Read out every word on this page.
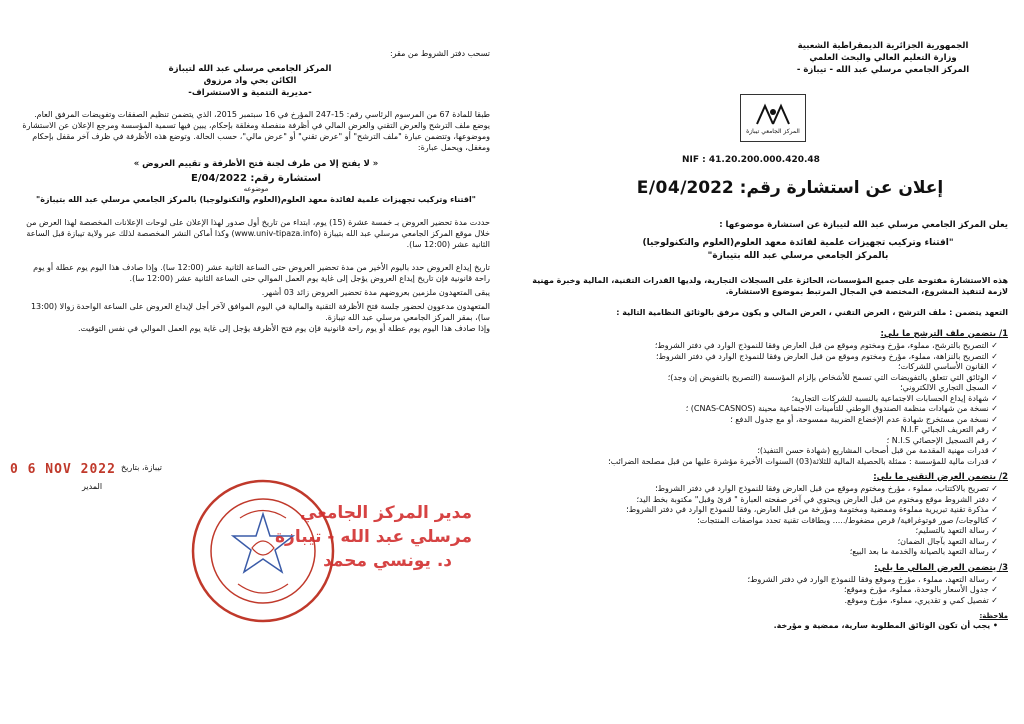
تسحب دفتر الشروط من مقر:

المركز الجامعي مرسلي عبد الله لتيبازة

الكائن بحي واد مرزوق

-مديرية التنمية و الاستشراف-

طبقا للمادة 67 من المرسوم الرئاسي رقم: 15-247 المؤرخ في 16 سبتمبر 2015، الذي يتضمن تنظيم الصفقات وتفويضات المرفق العام. يوضع ملف الترشح والعرض التقني والعرض المالي في أظرفة منفصلة ومغلقة بإحكام، يبين فيها تسمية المؤسسة ومرجع الإعلان عن الاستشارة وموضوعها، وتتضمن عبارة "ملف الترشح" أو "عرض تقني" أو "عرض مالي"، حسب الحالة. وتوضع هذه الأظرفة في ظرف آخر مقفل بإحكام ومغفل، ويحمل عبارة:

« لا يفتح إلا من طرف لجنة فتح الأظرفة و تقييم العروض »

استشارة رقم: 2022/E/04

موضوعه

"اقتناء وتركيب تجهيزات علمية لفائدة معهد العلوم(العلوم والتكنولوجيا) بالمركز الجامعي مرسلي عبد الله بتيبازة"

حددت مدة تحضير العروض بـ خمسة عشرة (15) يوم، ابتداء من تاريخ أول صدور لهذا الإعلان على لوحات الإعلانات المخصصة لهذا العرض من خلال موقع المركز الجامعي مرسلي عبد الله بتيبازة (www.univ-tipaza.info) وكذا أماكن النشر المخصصة لذلك عبر ولاية تيبازة قبل الساعة الثانية عشر (12:00 سا).

تاريخ إيداع العروض حدد باليوم الأخير من مدة تحضير العروض حتى الساعة الثانية عشر (12:00 سا). وإذا صادف هذا اليوم يوم عطلة أو يوم راحة قانونية فإن تاريخ إيداع العروض يؤجل إلى غاية يوم العمل الموالي حتى الساعة الثانية عشر (12:00 سا).

يبقى المتعهدون ملزمين بعروضهم مدة تحضير العروض زائد 03 أشهر.

المتعهدون مدعوون لحضور جلسة فتح الأظرفة التقنية والمالية في اليوم الموافق لآخر أجل لإيداع العروض على الساعة الواحدة زوالا (13:00 سا)، بمقر المركز الجامعي مرسلي عبد الله تيبازة.

وإذا صادف هذا اليوم يوم عطلة أو يوم راحة قانونية فإن يوم فتح الأظرفة يؤجل إلى غاية يوم العمل الموالي في نفس التوقيت.

تيبازة، بتاريخ

المدير

0 6 NOV 2022

مدير المركز الجامعي

مرسلي عبد الله - تيبازة

د. يونسي محمد

الجمهورية الجزائرية الديمقراطية الشعبية

وزارة التعليم العالي والبحث العلمي

المركز الجامعي مرسلي عبد الله - تيبازة -

المركز الجامعي تيبازة
NIF : 41.20.200.000.420.48
إعلان عن استشارة رقم: 2022/E/04

يعلن المركز الجامعي مرسلي عبد الله لتيبازة عن استشارة موضوعها :

"اقتناء وتركيب تجهيزات علمية لفائدة معهد العلوم(العلوم والتكنولوجيا) بالمركز الجامعي مرسلي عبد الله بتيبازة"

هذه الاستشارة مفتوحة على جميع المؤسسات، الحائزة على السجلات التجارية، ولديها القدرات التقنية، المالية وخبرة مهنية لازمة لتنفيذ المشروع، المختصة في المجال المرتبط بموضوع الاستشارة.

التعهد يتضمن : ملف الترشح ، العرض التقني ، العرض المالي و يكون مرفق بالوثائق النظامية التالية :

1/ يتضمن ملف الترشح ما يلي:

✓ التصريح بالترشح، مملوء، مؤرخ ومختوم وموقع من قبل العارض وفقا للنموذج الوارد في دفتر الشروط؛

✓ التصريح بالنزاهة، مملوء، مؤرخ ومختوم وموقع من قبل العارض وفقا للنموذج الوارد في دفتر الشروط؛

✓ القانون الأساسي للشركات؛

✓ الوثائق التي تتعلق بالتفويضات التي تسمح للأشخاص بإلزام المؤسسة (التصريح بالتفويض إن وجد)؛

✓ السجل التجاري الالكتروني؛

✓ شهادة إيداع الحسابات الاجتماعية بالنسبة للشركات التجارية؛

✓ نسخة من شهادات منظمة الصندوق الوطني للتأمينات الاجتماعية محينة (CNAS-CASNOS) ؛

✓ نسخة من مستخرج شهادة عدم الإخضاع الضريبة ممسوحة، أو مع جدول الدفع ؛

✓ رقم التعريف الجبائي N.I.F

✓ رقم التسجيل الإحصائي N.I.S ؛

✓ قدرات مهنية المقدمة من قبل أصحاب المشاريع (شهادة حسن التنفيذ)؛

✓ قدرات مالية للمؤسسة : ممثلة بالحصيلة المالية للثلاثة(03) السنوات الأخيرة مؤشرة عليها من قبل مصلحة الضرائب؛

2/ يتضمن العرض التقني ما يلي:

✓ تصريح بالاكتتاب، مملوء ، مؤرخ ومختوم وموقع من قبل العارض وفقا للنموذج الوارد في دفتر الشروط؛

✓ دفتر الشروط موقع ومختوم من قبل العارض ويحتوي في آخر صفحته العبارة " قرئ وقبل" مكتوبة بخط اليد؛

✓ مذكرة تقنية تبريرية مملوءة وممضية ومختومة ومؤرخة من قبل العارض، وفقا للنموذج الوارد في دفتر الشروط؛

✓ كتالوجات/ صور فوتوغرافية/ قرص مضغوط/..... وبطاقات تقنية تحدد مواصفات المنتجات؛

✓ رسالة التعهد بالتسليم؛

✓ رسالة التعهد بآجال الضمان؛

✓ رسالة التعهد بالصيانة والخدمة ما بعد البيع؛

3/ يتضمن العرض المالي ما يلي:

✓ رسالة التعهد، مملوء ، مؤرخ وموقع وفقا للنموذج الوارد في دفتر الشروط؛

✓ جدول الأسعار بالوحدة، مملوء، مؤرخ وموقع؛

✓ تفصيل كمي و تقديري، مملوء، مؤرخ وموقع.

ملاحظة:

• يجب أن تكون الوثائق المطلوبة سارية، ممضية و مؤرخة.
